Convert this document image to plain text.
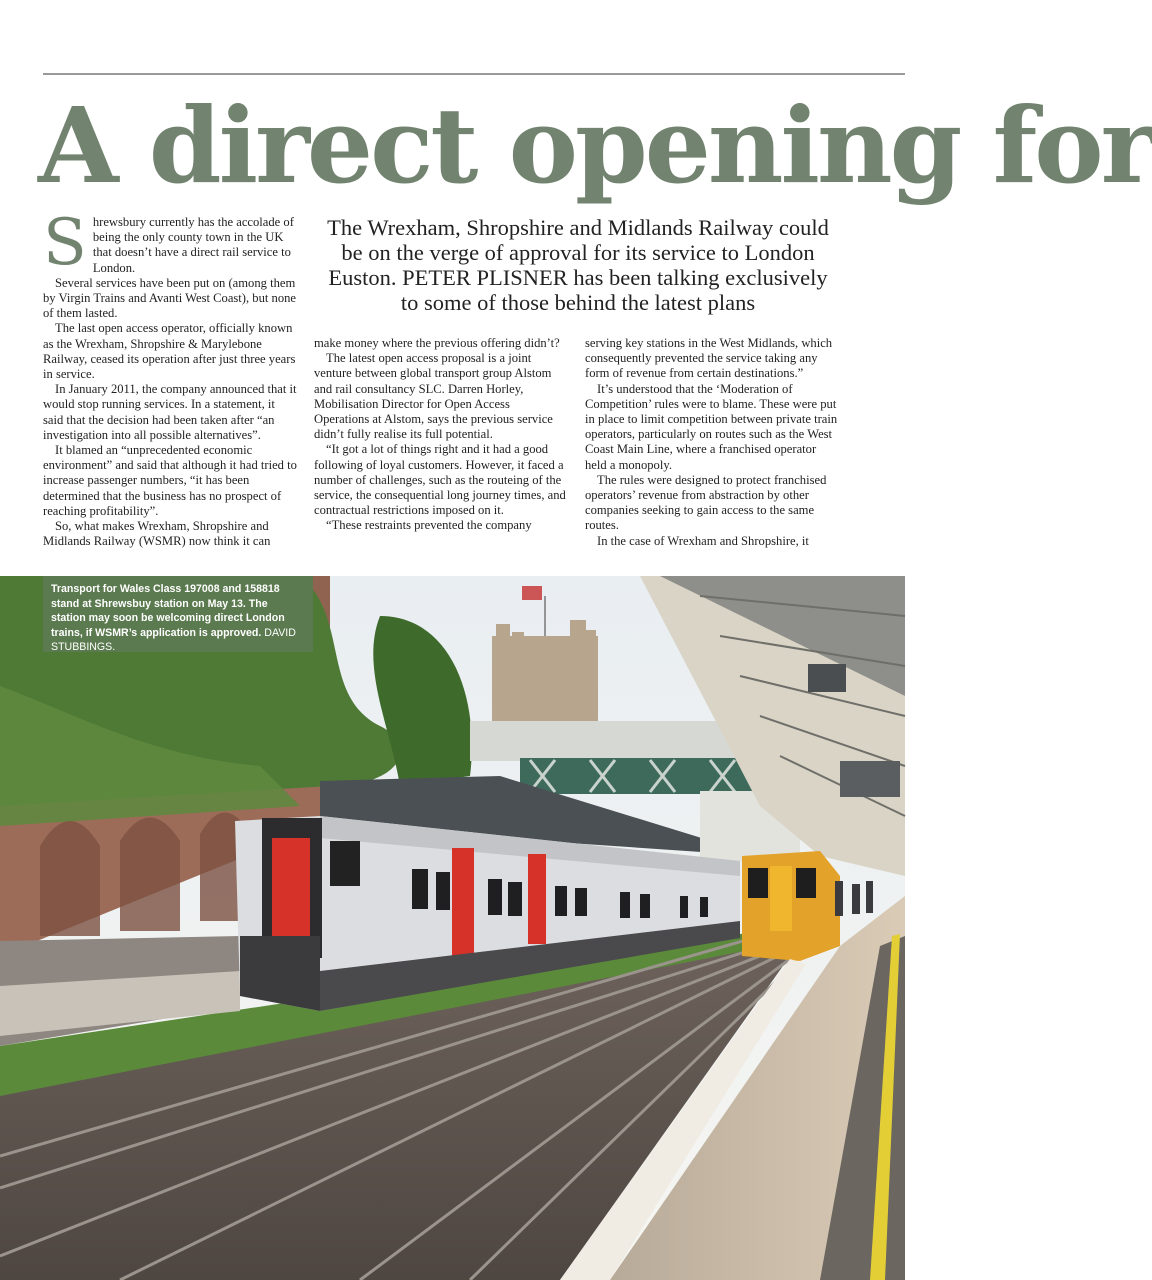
A direct opening for
The Wrexham, Shropshire and Midlands Railway could be on the verge of approval for its service to London Euston. PETER PLISNER has been talking exclusively to some of those behind the latest plans
S hrewsbury currently has the accolade of being the only county town in the UK that doesn’t have a direct rail service to London.

Several services have been put on (among them by Virgin Trains and Avanti West Coast), but none of them lasted.

The last open access operator, officially known as the Wrexham, Shropshire & Marylebone Railway, ceased its operation after just three years in service.

In January 2011, the company announced that it would stop running services. In a statement, it said that the decision had been taken after “an investigation into all possible alternatives”.

It blamed an “unprecedented economic environment” and said that although it had tried to increase passenger numbers, “it has been determined that the business has no prospect of reaching profitability”.

So, what makes Wrexham, Shropshire and Midlands Railway (WSMR) now think it can

make money where the previous offering didn’t?

The latest open access proposal is a joint venture between global transport group Alstom and rail consultancy SLC. Darren Horley, Mobilisation Director for Open Access Operations at Alstom, says the previous service didn’t fully realise its full potential.

“It got a lot of things right and it had a good following of loyal customers. However, it faced a number of challenges, such as the routeing of the service, the consequential long journey times, and contractual restrictions imposed on it.

“These restraints prevented the company

serving key stations in the West Midlands, which consequently prevented the service taking any form of revenue from certain destinations.”

It’s understood that the ‘Moderation of Competition’ rules were to blame. These were put in place to limit competition between private train operators, particularly on routes such as the West Coast Main Line, where a franchised operator held a monopoly.

The rules were designed to protect franchised operators’ revenue from abstraction by other companies seeking to gain access to the same routes.

In the case of Wrexham and Shropshire, it

Transport for Wales Class 197008 and 158818 stand at Shrewsbuy station on May 13. The station may soon be welcoming direct London trains, if WSMR’s application is approved. DAVID STUBBINGS.
